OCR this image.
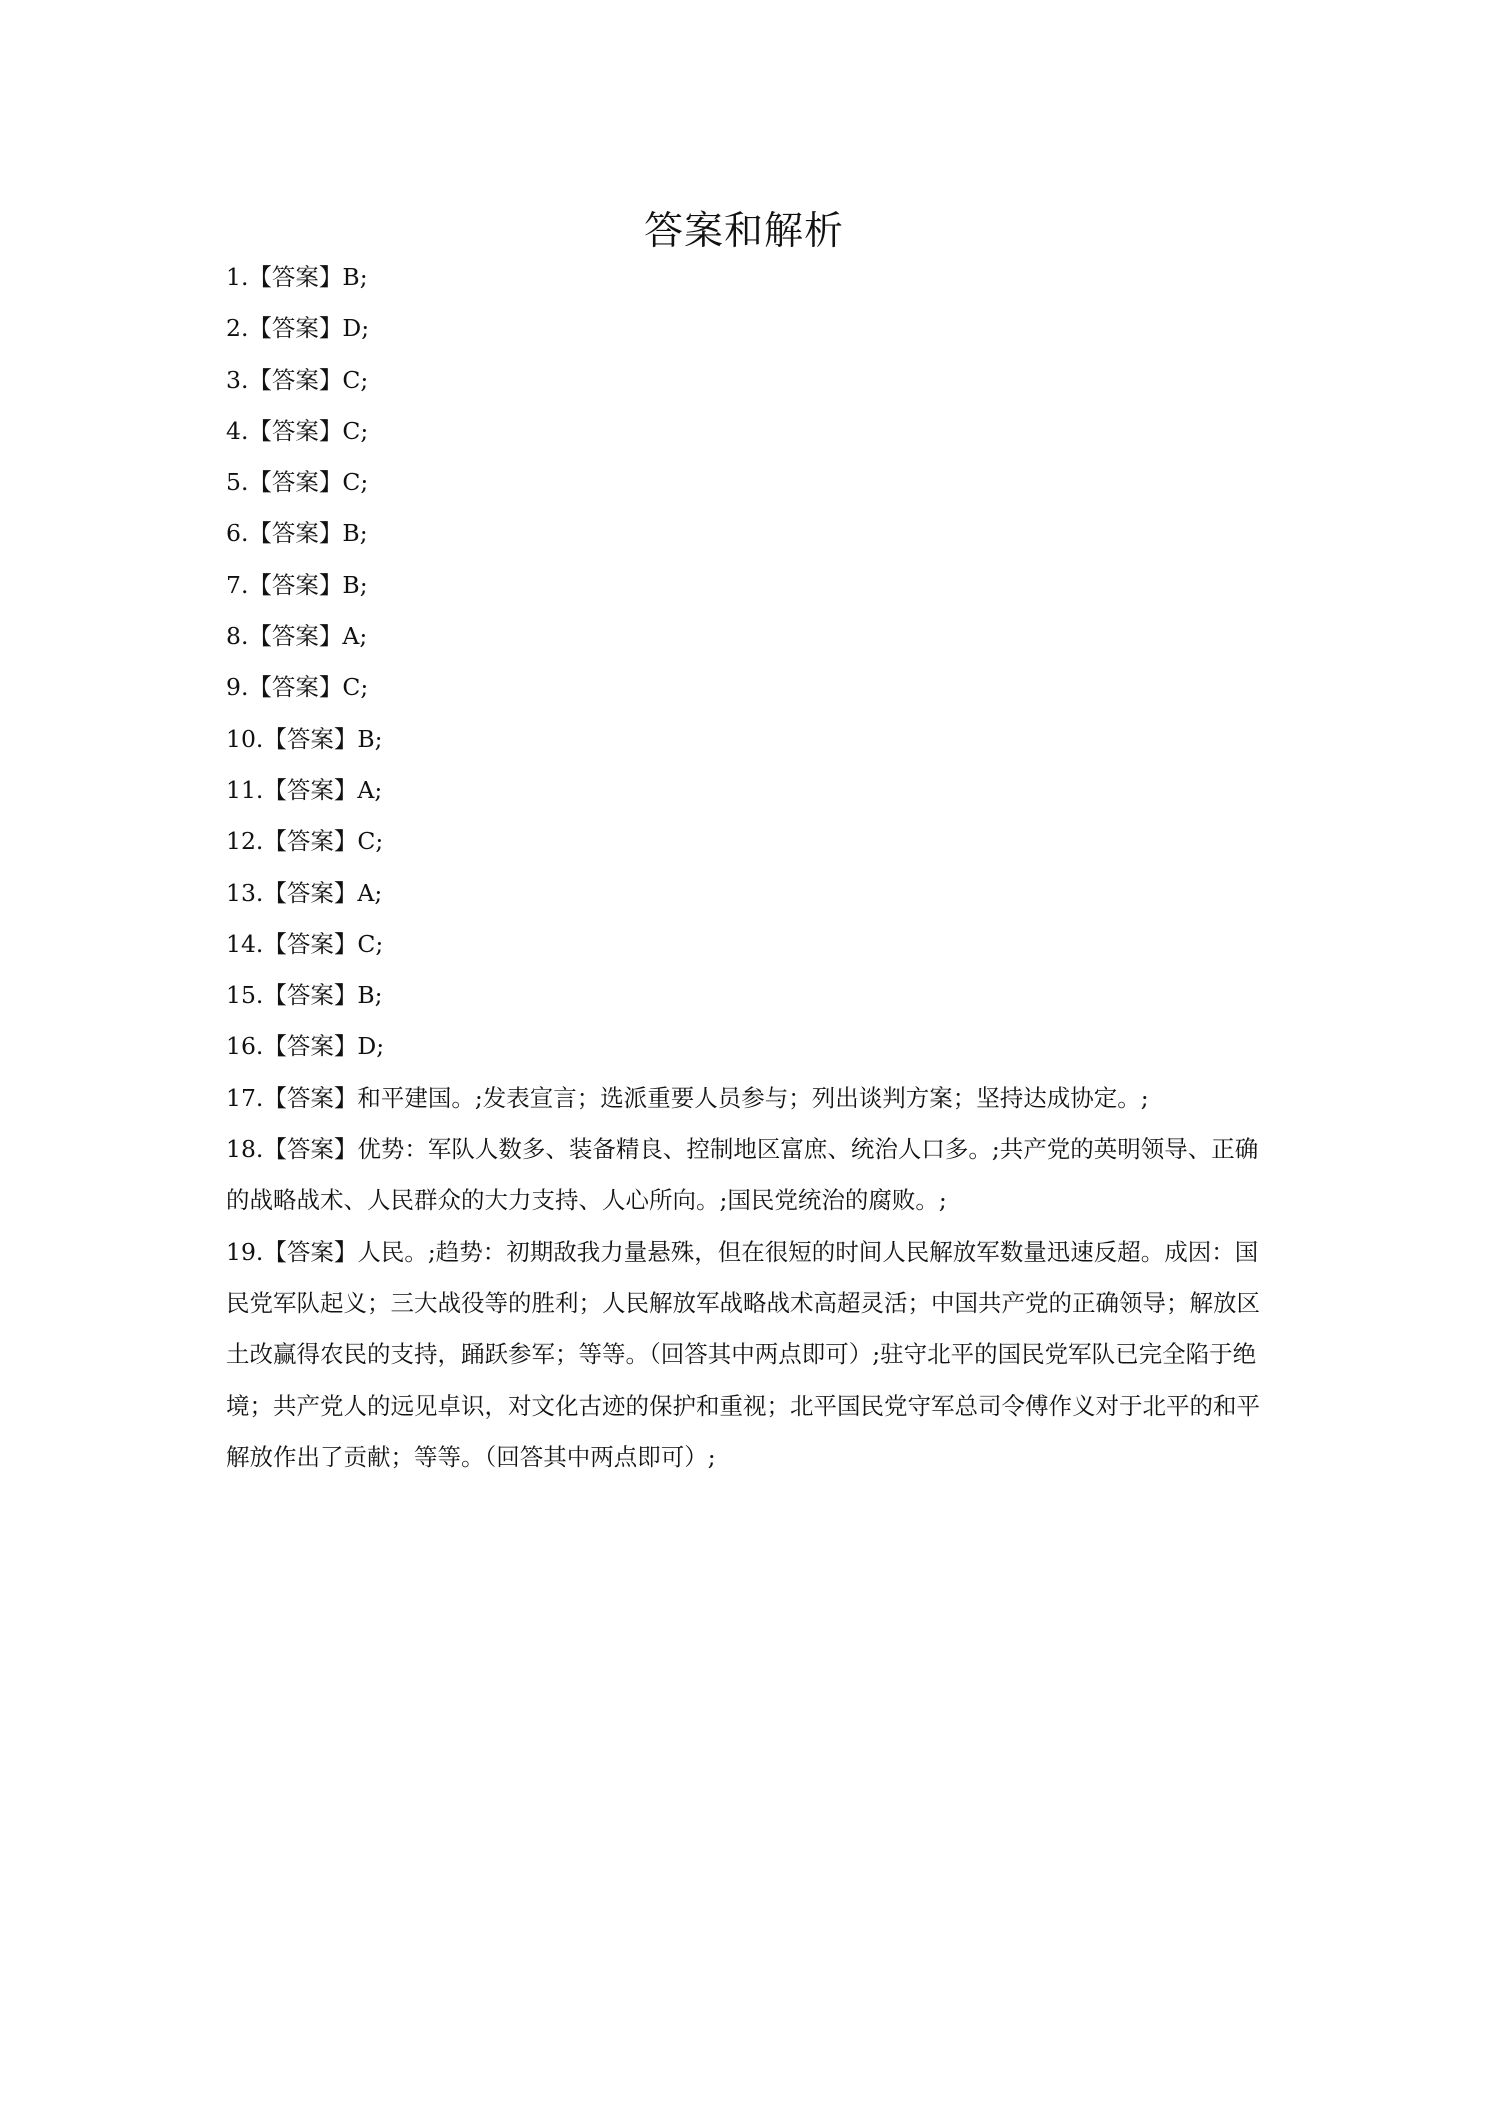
答案和解析
1.【答案】B;
2.【答案】D;
3.【答案】C;
4.【答案】C;
5.【答案】C;
6.【答案】B;
7.【答案】B;
8.【答案】A;
9.【答案】C;
10.【答案】B;
11.【答案】A;
12.【答案】C;
13.【答案】A;
14.【答案】C;
15.【答案】B;
16.【答案】D;
17.【答案】和平建国。;发表宣言；选派重要人员参与；列出谈判方案；坚持达成协定。;
18.【答案】优势：军队人数多、装备精良、控制地区富庶、统治人口多。;共产党的英明领导、正确的战略战术、人民群众的大力支持、人心所向。;国民党统治的腐败。;
19.【答案】人民。;趋势：初期敌我力量悬殊，但在很短的时间人民解放军数量迅速反超。成因：国民党军队起义；三大战役等的胜利；人民解放军战略战术高超灵活；中国共产党的正确领导；解放区土改赢得农民的支持，踊跃参军；等等。（回答其中两点即可）;驻守北平的国民党军队已完全陷于绝境；共产党人的远见卓识，对文化古迹的保护和重视；北平国民党守军总司令傅作义对于北平的和平解放作出了贡献；等等。（回答其中两点即可）;
